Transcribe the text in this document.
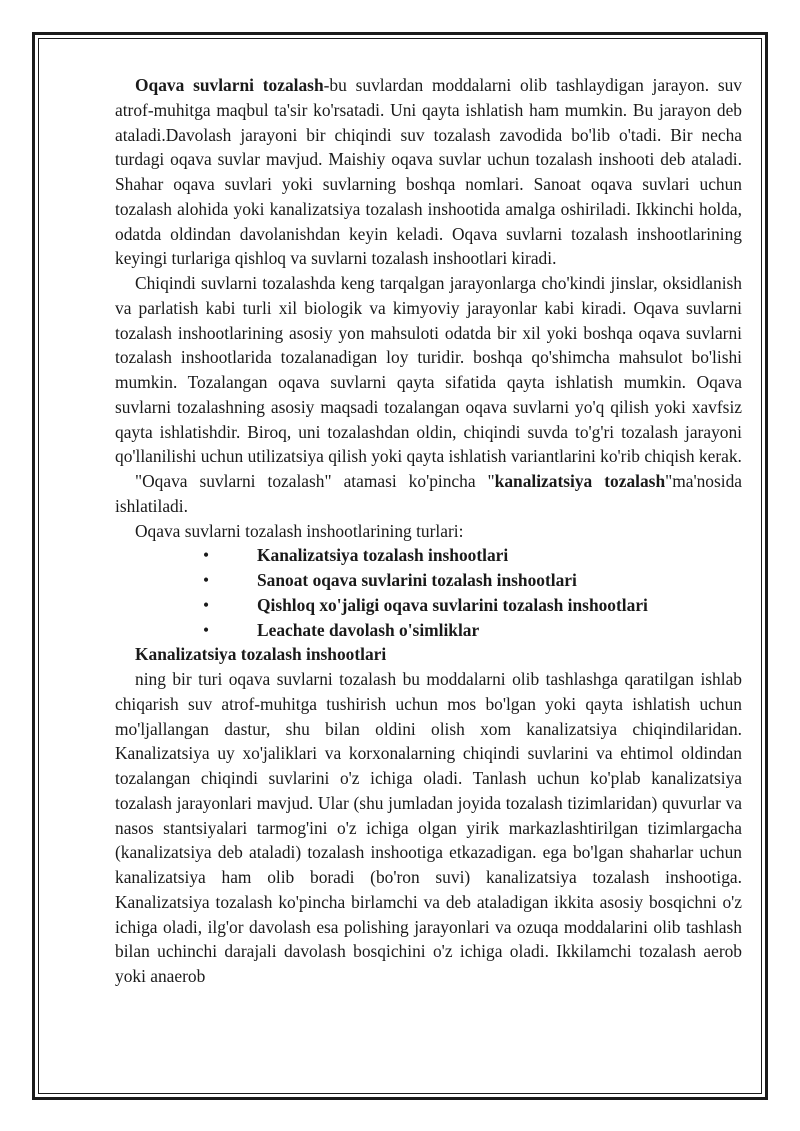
Oqava suvlarni tozalash-bu suvlardan moddalarni olib tashlaydigan jarayon. suv atrof-muhitga maqbul ta'sir ko'rsatadi. Uni qayta ishlatish ham mumkin. Bu jarayon deb ataladi.Davolash jarayoni bir chiqindi suv tozalash zavodida bo'lib o'tadi. Bir necha turdagi oqava suvlar mavjud. Maishiy oqava suvlar uchun tozalash inshooti deb ataladi. Shahar oqava suvlari yoki suvlarning boshqa nomlari. Sanoat oqava suvlari uchun tozalash alohida yoki kanalizatsiya tozalash inshootida amalga oshiriladi. Ikkinchi holda, odatda oldindan davolanishdan keyin keladi. Oqava suvlarni tozalash inshootlarining keyingi turlariga qishloq va suvlarni tozalash inshootlari kiradi.

Chiqindi suvlarni tozalashda keng tarqalgan jarayonlarga cho'kindi jinslar, oksidlanish va parlatish kabi turli xil biologik va kimyoviy jarayonlar kabi kiradi. Oqava suvlarni tozalash inshootlarining asosiy yon mahsuloti odatda bir xil yoki boshqa oqava suvlarni tozalash inshootlarida tozalanadigan loy turidir. boshqa qo'shimcha mahsulot bo'lishi mumkin. Tozalangan oqava suvlarni qayta sifatida qayta ishlatish mumkin. Oqava suvlarni tozalashning asosiy maqsadi tozalangan oqava suvlarni yo'q qilish yoki xavfsiz qayta ishlatishdir. Biroq, uni tozalashdan oldin, chiqindi suvda to'g'ri tozalash jarayoni qo'llanilishi uchun utilizatsiya qilish yoki qayta ishlatish variantlarini ko'rib chiqish kerak.

"Oqava suvlarni tozalash" atamasi ko'pincha "kanalizatsiya tozalash"ma'nosida ishlatiladi.

Oqava suvlarni tozalash inshootlarining turlari:

•	Kanalizatsiya tozalash inshootlari
•	Sanoat oqava suvlarini tozalash inshootlari
•	Qishloq xo'jaligi oqava suvlarini tozalash inshootlari
•	Leachate davolash o'simliklar

Kanalizatsiya tozalash inshootlari

ning bir turi oqava suvlarni tozalash bu moddalarni olib tashlashga qaratilgan ishlab chiqarish suv atrof-muhitga tushirish uchun mos bo'lgan yoki qayta ishlatish uchun mo'ljallangan dastur, shu bilan oldini olish xom kanalizatsiya chiqindilaridan. Kanalizatsiya uy xo'jaliklari va korxonalarning chiqindi suvlarini va ehtimol oldindan tozalangan chiqindi suvlarini o'z ichiga oladi. Tanlash uchun ko'plab kanalizatsiya tozalash jarayonlari mavjud. Ular (shu jumladan joyida tozalash tizimlaridan) quvurlar va nasos stantsiyalari tarmog'ini o'z ichiga olgan yirik markazlashtirilgan tizimlargacha (kanalizatsiya deb ataladi) tozalash inshootiga etkazadigan. ega bo'lgan shaharlar uchun kanalizatsiya ham olib boradi (bo'ron suvi) kanalizatsiya tozalash inshootiga. Kanalizatsiya tozalash ko'pincha birlamchi va deb ataladigan ikkita asosiy bosqichni o'z ichiga oladi, ilg'or davolash esa polishing jarayonlari va ozuqa moddalarini olib tashlash bilan uchinchi darajali davolash bosqichini o'z ichiga oladi. Ikkilamchi tozalash aerob yoki anaerob
